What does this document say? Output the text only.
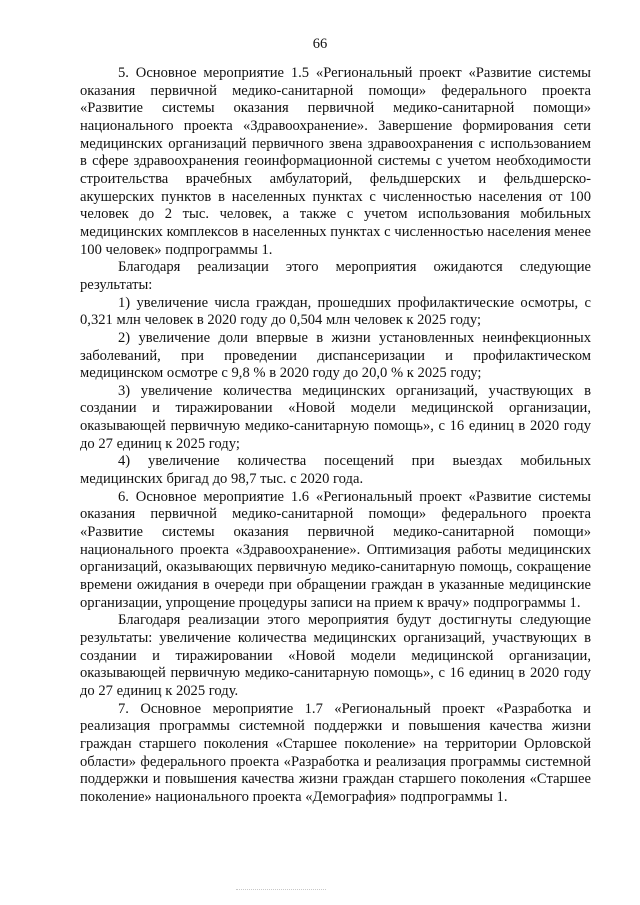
66

5. Основное мероприятие 1.5 «Региональный проект «Развитие системы оказания первичной медико-санитарной помощи» федерального проекта «Развитие системы оказания первичной медико-санитарной помощи» национального проекта «Здравоохранение». Завершение формирования сети медицинских организаций первичного звена здравоохранения с использованием в сфере здравоохранения геоинформационной системы с учетом необходимости строительства врачебных амбулаторий, фельдшерских и фельдшерско-акушерских пунктов в населенных пунктах с численностью населения от 100 человек до 2 тыс. человек, а также с учетом использования мобильных медицинских комплексов в населенных пунктах с численностью населения менее 100 человек» подпрограммы 1.

Благодаря реализации этого мероприятия ожидаются следующие результаты:

1) увеличение числа граждан, прошедших профилактические осмотры, с 0,321 млн человек в 2020 году до 0,504 млн человек к 2025 году;

2) увеличение доли впервые в жизни установленных неинфекционных заболеваний, при проведении диспансеризации и профилактическом медицинском осмотре с 9,8 % в 2020 году до 20,0 % к 2025 году;

3) увеличение количества медицинских организаций, участвующих в создании и тиражировании «Новой модели медицинской организации, оказывающей первичную медико-санитарную помощь», с 16 единиц в 2020 году до 27 единиц к 2025 году;

4) увеличение количества посещений при выездах мобильных медицинских бригад до 98,7 тыс. с 2020 года.

6. Основное мероприятие 1.6 «Региональный проект «Развитие системы оказания первичной медико-санитарной помощи» федерального проекта «Развитие системы оказания первичной медико-санитарной помощи» национального проекта «Здравоохранение». Оптимизация работы медицинских организаций, оказывающих первичную медико-санитарную помощь, сокращение времени ожидания в очереди при обращении граждан в указанные медицинские организации, упрощение процедуры записи на прием к врачу» подпрограммы 1.

Благодаря реализации этого мероприятия будут достигнуты следующие результаты: увеличение количества медицинских организаций, участвующих в создании и тиражировании «Новой модели медицинской организации, оказывающей первичную медико-санитарную помощь», с 16 единиц в 2020 году до 27 единиц к 2025 году.

7. Основное мероприятие 1.7 «Региональный проект «Разработка и реализация программы системной поддержки и повышения качества жизни граждан старшего поколения «Старшее поколение» на территории Орловской области» федерального проекта «Разработка и реализация программы системной поддержки и повышения качества жизни граждан старшего поколения «Старшее поколение» национального проекта «Демография» подпрограммы 1.
